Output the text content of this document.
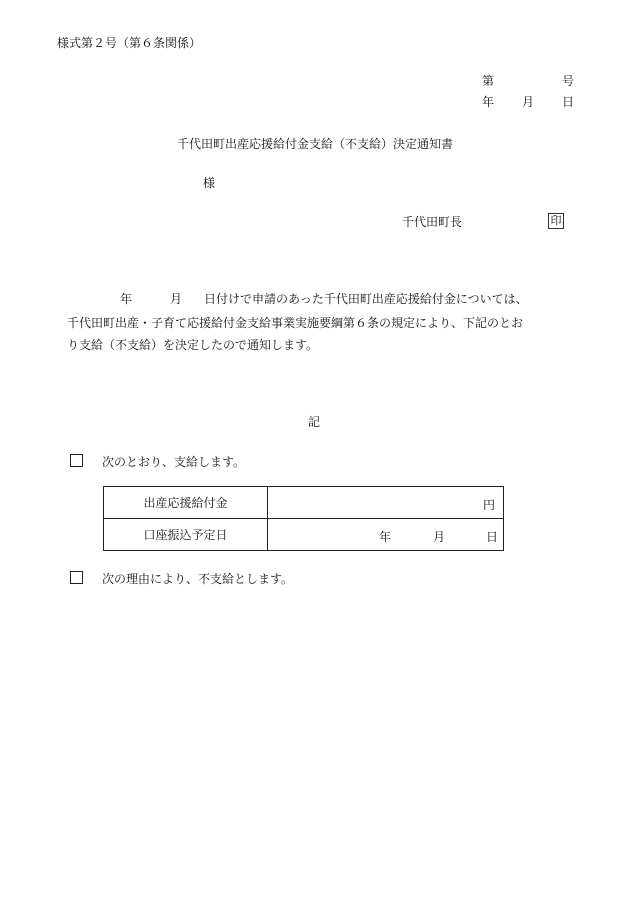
様式第２号（第６条関係）
第	号
年 月 日
千代田町出産応援給付金支給（不支給）決定通知書
様
千代田町長	印
年	月 日付けで申請のあった千代田町出産応援給付金については、
千代田町出産・子育て応援給付金支給事業実施要綱第６条の規定により、下記のとお
り支給（不支給）を決定したので通知します。
記
次のとおり、支給します。
出産応援給付金	円

口座振込予定日	年 月 日
次の理由により、不支給とします。
